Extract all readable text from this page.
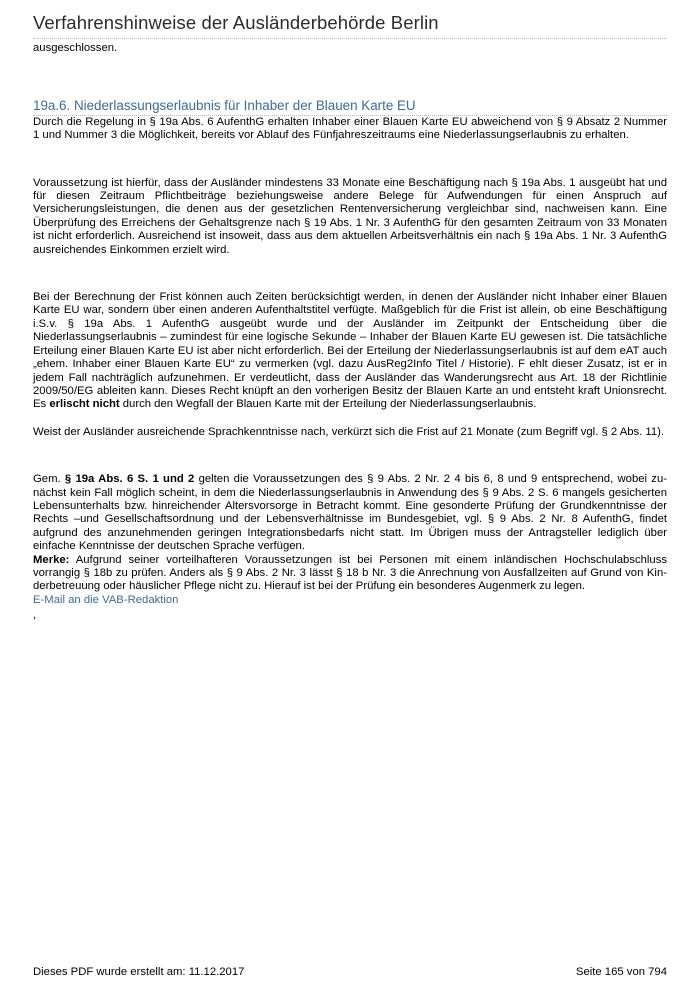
Verfahrenshinweise der Ausländerbehörde Berlin

ausgeschlossen.

19a.6. Niederlassungserlaubnis für Inhaber der Blauen Karte EU

Durch die Regelung in § 19a Abs. 6 AufenthG erhalten Inhaber einer Blauen Karte EU abweichend von § 9 Absatz 2 Nummer 1 und Nummer 3 die Möglichkeit, bereits vor Ablauf des Fünfjahreszeitraums eine Niederlassungserlaubnis zu erhalten.

Voraussetzung ist hierfür, dass der Ausländer mindestens 33 Monate eine Beschäftigung nach § 19a Abs. 1 ausgeübt hat und für diesen Zeitraum Pflichtbeiträge beziehungsweise andere Belege für Aufwendungen für einen Anspruch auf Versicherungsleistungen, die denen aus der gesetzlichen Rentenversicherung vergleichbar sind, nachweisen kann. Eine Überprüfung des Erreichens der Gehaltsgrenze nach § 19 Abs. 1 Nr. 3 AufenthG für den gesamten Zeitraum von 33 Monaten ist nicht erforderlich. Ausreichend ist insoweit, dass aus dem aktuellen Arbeitsverhältnis ein nach § 19a Abs. 1 Nr. 3 AufenthG ausreichendes Einkommen erzielt wird.

Bei der Berechnung der Frist können auch Zeiten berücksichtigt werden, in denen der Ausländer nicht Inhaber einer Blauen Karte EU war, sondern über einen anderen Aufenthaltstitel verfügte. Maßgeblich für die Frist ist allein, ob eine Beschäftigung i.S.v. § 19a Abs. 1 AufenthG ausgeübt wurde und der Ausländer im Zeitpunkt der Entscheidung über die Niederlassungserlaubnis – zumindest für eine logische Sekunde – Inhaber der Blauen Karte EU gewesen ist. Die tatsächliche Erteilung einer Blauen Karte EU ist aber nicht erforderlich. Bei der Erteilung der Niederlassungserlaubnis ist auf dem eAT auch „ehem. Inhaber einer Blauen Karte EU“ zu vermerken (vgl. dazu AusReg2Info Titel / Historie). F ehlt dieser Zusatz, ist er in jedem Fall nachträglich aufzunehmen. Er verdeutlicht, dass der Ausländer das Wanderungsrecht aus Art. 18 der Richtlinie 2009/50/EG ableiten kann. Dieses Recht knüpft an den vorherigen Besitz der Blauen Karte an und entsteht kraft Unionsrecht. Es erlischt nicht durch den Wegfall der Blauen Karte mit der Erteilung der Niederlassungserlaubnis.

Weist der Ausländer ausreichende Sprachkenntnisse nach, verkürzt sich die Frist auf 21 Monate (zum Begriff vgl. § 2 Abs. 11).

Gem. § 19a Abs. 6 S. 1 und 2 gelten die Voraussetzungen des § 9 Abs. 2 Nr. 2 4 bis 6, 8 und 9 entsprechend, wobei zu-nächst kein Fall möglich scheint, in dem die Niederlassungserlaubnis in Anwendung des § 9 Abs. 2 S. 6 mangels gesicherten Lebensunterhalts bzw. hinreichender Altersvorsorge in Betracht kommt. Eine gesonderte Prüfung der Grundkenntnisse der Rechts –und Gesellschaftsordnung und der Lebensverhältnisse im Bundesgebiet, vgl. § 9 Abs. 2 Nr. 8 AufenthG, findet aufgrund des anzunehmenden geringen Integrationsbedarfs nicht statt. Im Übrigen muss der Antragsteller lediglich über einfache Kenntnisse der deutschen Sprache verfügen.

Merke: Aufgrund seiner vorteilhafteren Voraussetzungen ist bei Personen mit einem inländischen Hochschulabschluss vorrangig § 18b zu prüfen. Anders als § 9 Abs. 2 Nr. 3 lässt § 18 b Nr. 3 die Anrechnung von Ausfallzeiten auf Grund von Kin-derbetreuung oder häuslicher Pflege nicht zu. Hierauf ist bei der Prüfung ein besonderes Augenmerk zu legen.

E-Mail an die VAB-Redaktion
,
Dieses PDF wurde erstellt am: 11.12.2017	Seite 165 von 794
